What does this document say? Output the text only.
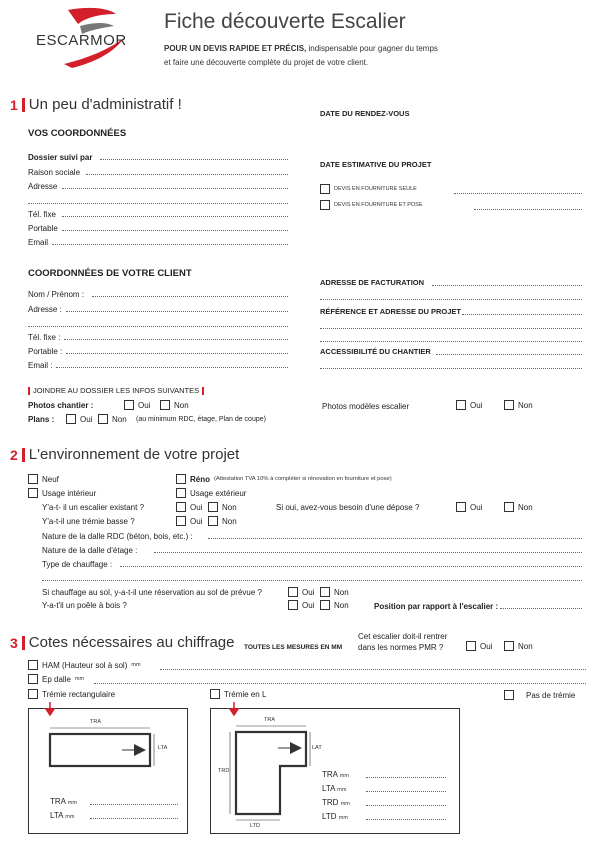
ESCARMOR
Fiche découverte Escalier
POUR UN DEVIS RAPIDE ET PRÉCIS, indispensable pour gagner du temps
et faire une découverte complète du projet de votre client.
1 Un peu d'administratif !
VOS COORDONNÉES
Dossier suivi par
Raison sociale
Adresse
Tél. fixe
Portable
Email
DATE DU RENDEZ-VOUS
DATE ESTIMATIVE DU PROJET
DEVIS EN FOURNITURE SEULE
DEVIS EN FOURNITURE ET POSE
COORDONNÉES DE VOTRE CLIENT
Nom / Prénom :
Adresse :
Tél. fixe :
Portable :
Email :
ADRESSE DE FACTURATION
RÉFÉRENCE ET ADRESSE DU PROJET
ACCESSIBILITÉ DU CHANTIER
JOINDRE AU DOSSIER LES INFOS SUIVANTES
Photos chantier :	Oui	Non
Plans :	Oui Non (au minimum RDC, étage, Plan de coupe)
Photos modèles escalier	Oui	Non
2 L'environnement de votre projet
Neuf	Réno (Attestation TVA 10% à compléter si rénovation en fourniture et pose)
Usage intérieur	Usage extérieur
Y'a-t- il un escalier existant ?	Oui Non	Si oui, avez-vous besoin d'une dépose ?	Oui	Non
Y'a-t-il une trémie basse ?	Oui Non
Nature de la dalle RDC (béton, bois, etc.) :
Nature de la dalle d'étage :
Type de chauffage :
Si chauffage au sol, y-a-t-il une réservation au sol de prévue ?	Oui Non
Y-a-t'il un poêle à bois ?	Oui Non	Position par rapport à l'escalier :
3 Cotes nécessaires au chiffrage TOUTES LES MESURES EN MM
Cet escalier doit-il rentrer
dans les normes PMR ?	Oui	Non
HAM (Hauteur sol à sol) mm
Ep dalle mm
Trémie rectangulaire	Trémie en L	Pas de trémie
TRA
LTA
TRA mm
LTA mm
TRA
LAT
TRD
LTD
TRA mm
LTA mm
TRD mm
LTD mm
